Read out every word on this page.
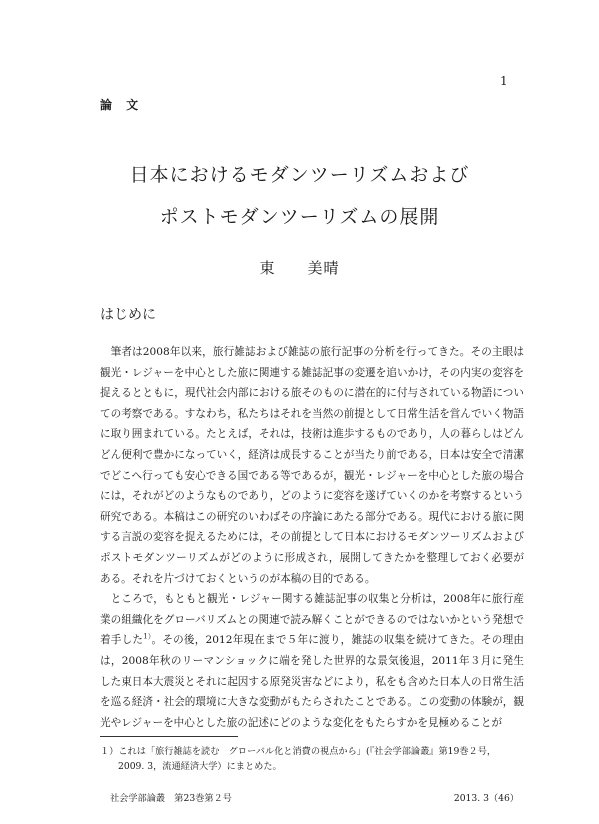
1
論 文
日本におけるモダンツーリズムおよび
ポストモダンツーリズムの展開
東　　美晴
はじめに

筆者は2008年以来，旅行雑誌および雑誌の旅行記事の分析を行ってきた。その主眼は観光・レジャーを中心とした旅に関連する雑誌記事の変遷を追いかけ，その内実の変容を捉えるとともに，現代社会内部における旅そのものに潜在的に付与されている物語についての考察である。すなわち，私たちはそれを当然の前提として日常生活を営んでいく物語に取り囲まれている。たとえば，それは，技術は進歩するものであり，人の暮らしはどんどん便利で豊かになっていく，経済は成長することが当たり前である，日本は安全で清潔でどこへ行っても安心できる国である等であるが，観光・レジャーを中心とした旅の場合には，それがどのようなものであり，どのように変容を遂げていくのかを考察するという研究である。本稿はこの研究のいわばその序論にあたる部分である。現代における旅に関する言説の変容を捉えるためには，その前提として日本におけるモダンツーリズムおよびポストモダンツーリズムがどのように形成され，展開してきたかを整理しておく必要がある。それを片づけておくというのが本稿の目的である。

ところで，もともと観光・レジャー関する雑誌記事の収集と分析は，2008年に旅行産業の組織化をグローバリズムとの関連で読み解くことができるのではないかという発想で着手した$^{1)}$。その後，2012年現在まで５年に渡り，雑誌の収集を続けてきた。その理由は，2008年秋のリーマンショックに端を発した世界的な景気後退，2011年３月に発生した東日本大震災とそれに起因する原発災害などにより，私をも含めた日本人の日常生活を巡る経済・社会的環境に大きな変動がもたらされたことである。この変動の体験が，観光やレジャーを中心とした旅の記述にどのような変化をもたらすかを見極めることが

１）これは「旅行雑誌を読む　グローバル化と消費の視点から」(『社会学部論叢』第19巻２号，
2009. 3，流通経済大学）にまとめた。
社会学部論叢　第23巻第２号	2013. 3（46）
